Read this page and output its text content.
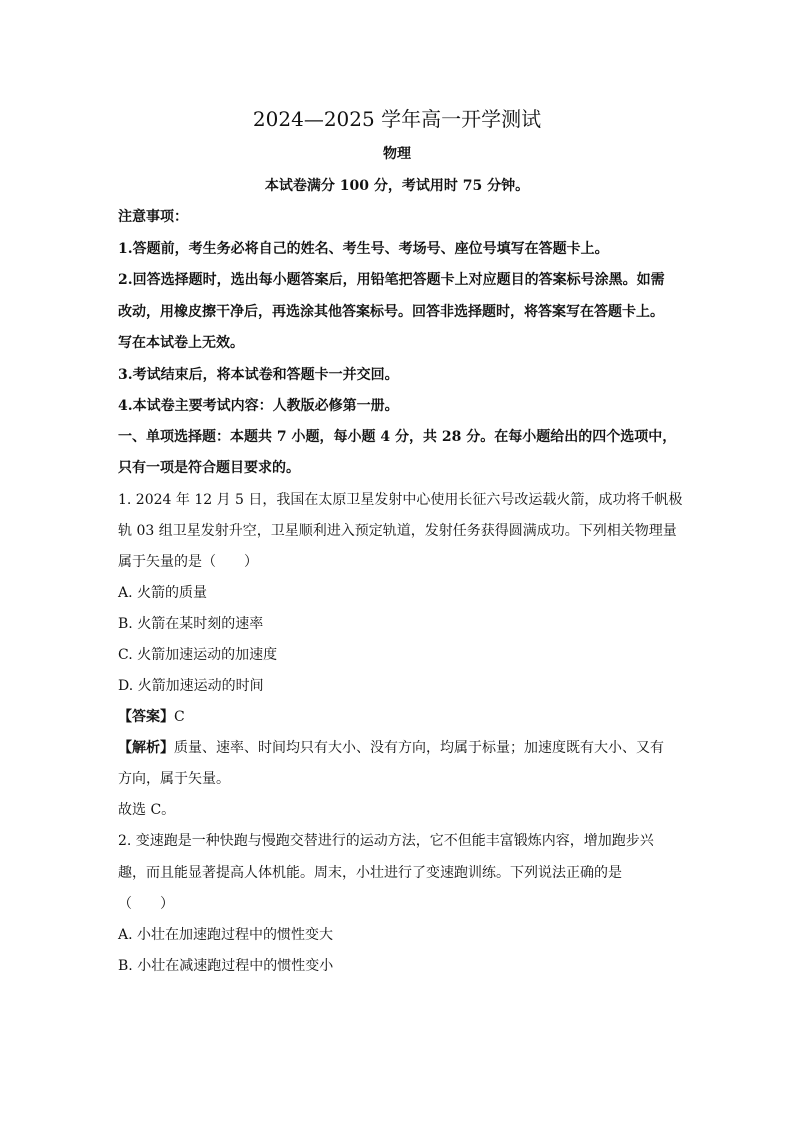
2024—2025 学年高一开学测试
物理
本试卷满分 100 分，考试用时 75 分钟。
注意事项：
1.答题前，考生务必将自己的姓名、考生号、考场号、座位号填写在答题卡上。
2.回答选择题时，选出每小题答案后，用铅笔把答题卡上对应题目的答案标号涂黑。如需
改动，用橡皮擦干净后，再选涂其他答案标号。回答非选择题时，将答案写在答题卡上。
写在本试卷上无效。
3.考试结束后，将本试卷和答题卡一并交回。
4.本试卷主要考试内容：人教版必修第一册。
一、单项选择题：本题共 7 小题，每小题 4 分，共 28 分。在每小题给出的四个选项中，
只有一项是符合题目要求的。
1. 2024 年 12 月 5 日，我国在太原卫星发射中心使用长征六号改运载火箭，成功将千帆极
轨 03 组卫星发射升空，卫星顺利进入预定轨道，发射任务获得圆满成功。下列相关物理量
属于矢量的是（　　）
A. 火箭的质量
B. 火箭在某时刻的速率
C. 火箭加速运动的加速度
D. 火箭加速运动的时间
【答案】C
【解析】质量、速率、时间均只有大小、没有方向，均属于标量；加速度既有大小、又有
方向，属于矢量。
故选 C。
2. 变速跑是一种快跑与慢跑交替进行的运动方法，它不但能丰富锻炼内容，增加跑步兴
趣，而且能显著提高人体机能。周末，小壮进行了变速跑训练。下列说法正确的是
（　　）
A. 小壮在加速跑过程中的惯性变大
B. 小壮在减速跑过程中的惯性变小
